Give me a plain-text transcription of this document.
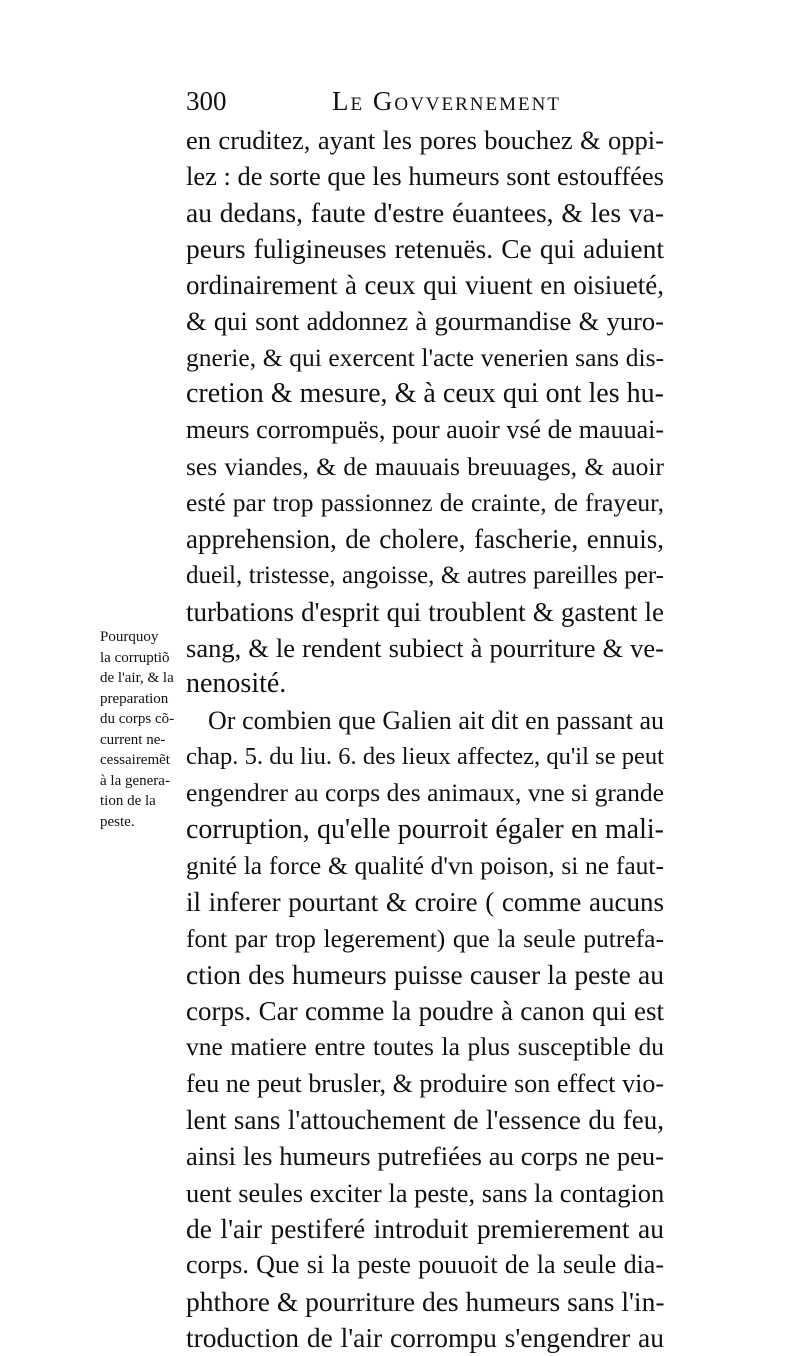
300	Le Govvernement
en cruditez, ayant les pores bouchez & oppi-
lez : de sorte que les humeurs sont estouffées
au dedans, faute d'estre éuantees, & les va-
peurs fuligineuses retenuës. Ce qui aduient
ordinairement à ceux qui viuent en oisiueté,
& qui sont addonnez à gourmandise & yuro-
gnerie, & qui exercent l'acte venerien sans dis-
cretion & mesure, & à ceux qui ont les hu-
meurs corrompuës, pour auoir vsé de mauuai-
ses viandes, & de mauuais breuuages, & auoir
esté par trop passionnez de crainte, de frayeur,
apprehension, de cholere, fascherie, ennuis,
dueil, tristesse, angoisse, & autres pareilles per-
turbations d'esprit qui troublent & gastent le
sang, & le rendent subiect à pourriture & ve-
nenosité.
Or combien que Galien ait dit en passant au
chap. 5. du liu. 6. des lieux affectez, qu'il se peut
engendrer au corps des animaux, vne si grande
corruption, qu'elle pourroit égaler en mali-
gnité la force & qualité d'vn poison, si ne faut-
il inferer pourtant & croire ( comme aucuns
font par trop legerement) que la seule putrefa-
ction des humeurs puisse causer la peste au
corps. Car comme la poudre à canon qui est
vne matiere entre toutes la plus susceptible du
feu ne peut brusler, & produire son effect vio-
lent sans l'attouchement de l'essence du feu,
ainsi les humeurs putrefiées au corps ne peu-
uent seules exciter la peste, sans la contagion
de l'air pestiferé introduit premierement au
corps. Que si la peste pouuoit de la seule dia-
phthore & pourriture des humeurs sans l'in-
troduction de l'air corrompu s'engendrer au
Pourquoy
la corruptiõ
de l'air, & la
preparation
du corps cõ-
current ne-
cessairemẽt
à la genera-
tion de la
peste.
